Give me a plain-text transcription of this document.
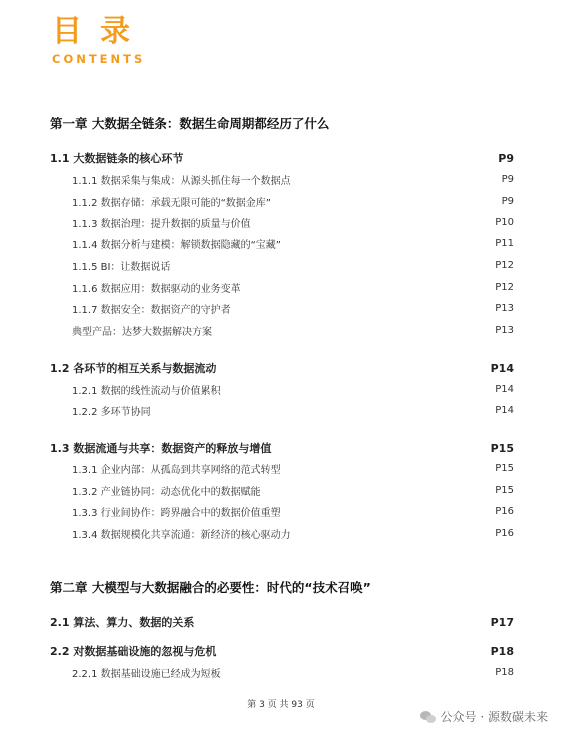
目录
CONTENTS
第一章 大数据全链条：数据生命周期都经历了什么
1.1 大数据链条的核心环节	P9
1.1.1 数据采集与集成：从源头抓住每一个数据点	P9
1.1.2 数据存储：承载无限可能的“数据金库”	P9
1.1.3 数据治理：提升数据的质量与价值	P10
1.1.4 数据分析与建模：解锁数据隐藏的“宝藏”	P11
1.1.5 BI：让数据说话	P12
1.1.6 数据应用：数据驱动的业务变革	P12
1.1.7 数据安全：数据资产的守护者	P13
典型产品：达梦大数据解决方案	P13
1.2 各环节的相互关系与数据流动	P14
1.2.1 数据的线性流动与价值累积	P14
1.2.2 多环节协同	P14
1.3 数据流通与共享：数据资产的释放与增值	P15
1.3.1 企业内部：从孤岛到共享网络的范式转型	P15
1.3.2 产业链协同：动态优化中的数据赋能	P15
1.3.3 行业间协作：跨界融合中的数据价值重塑	P16
1.3.4 数据规模化共享流通：新经济的核心驱动力	P16
第二章 大模型与大数据融合的必要性：时代的“技术召唤”
2.1 算法、算力、数据的关系	P17
2.2 对数据基础设施的忽视与危机	P18
2.2.1 数据基础设施已经成为短板	P18
第 3 页 共 93 页
公众号 · 源数碳未来
